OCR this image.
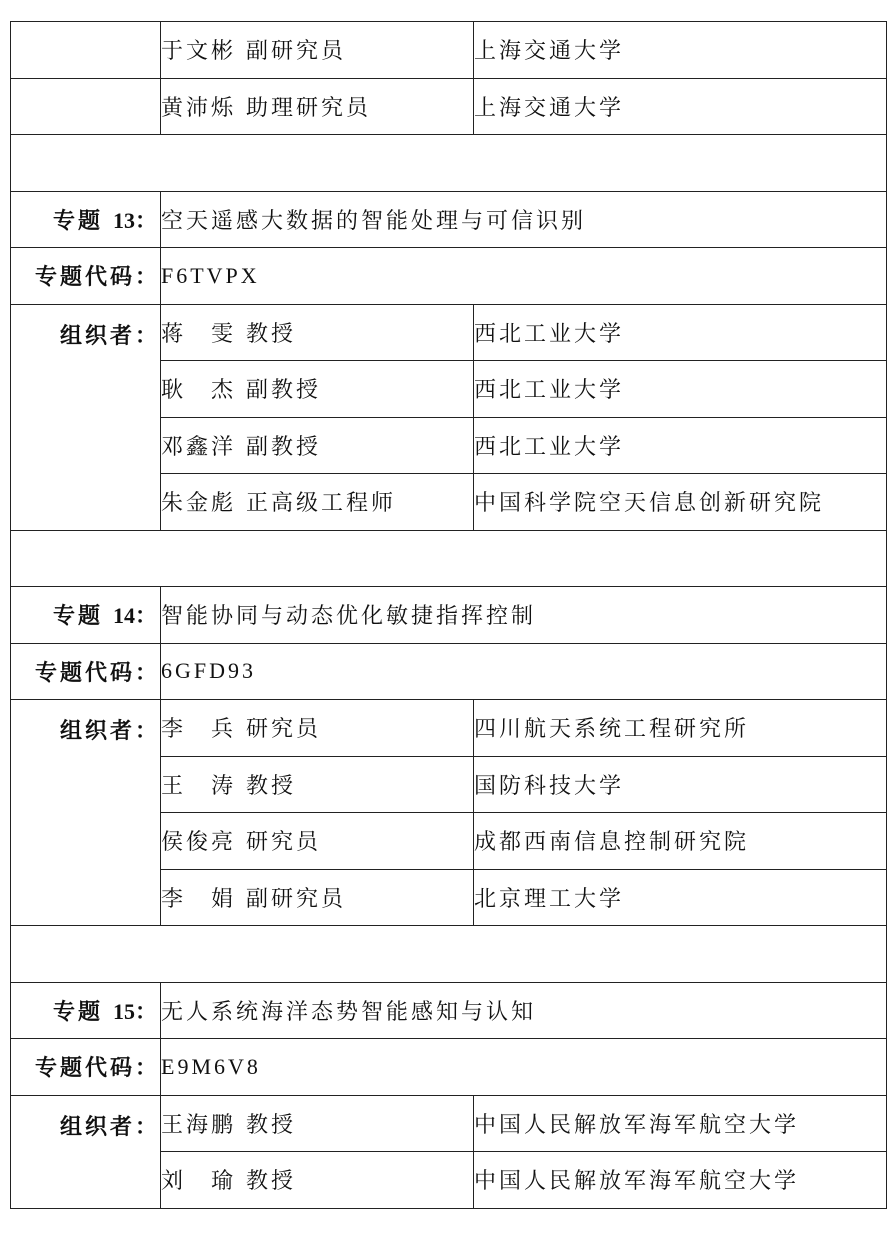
	于文彬 副研究员	上海交通大学
	黄沛烁 助理研究员	上海交通大学

专题 13：	空天遥感大数据的智能处理与可信识别	
专题代码：	F6TVPX	
组织者：	蒋　雯 教授	西北工业大学
	耿　杰 副教授	西北工业大学
	邓鑫洋 副教授	西北工业大学
	朱金彪 正高级工程师	中国科学院空天信息创新研究院

专题 14：	智能协同与动态优化敏捷指挥控制	
专题代码：	6GFD93	
组织者：	李　兵 研究员	四川航天系统工程研究所
	王　涛 教授	国防科技大学
	侯俊亮 研究员	成都西南信息控制研究院
	李　娟 副研究员	北京理工大学

专题 15：	无人系统海洋态势智能感知与认知	
专题代码：	E9M6V8	
组织者：	王海鹏 教授	中国人民解放军海军航空大学
	刘　瑜 教授	中国人民解放军海军航空大学
